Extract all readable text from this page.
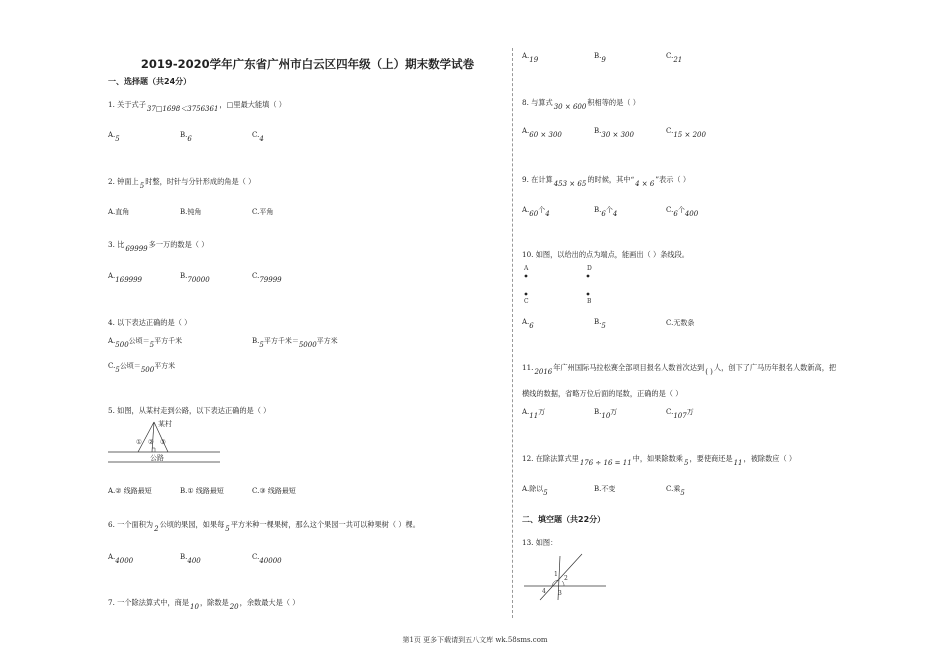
2019-2020学年广东省广州市白云区四年级（上）期末数学试卷
一、选择题（共24分）
1. 关于式子37□1698＜3756361，□里最大能填（ ）
A.5	B.6	C.4
2. 钟面上5时整，时针与分针形成的角是（ ）
A.直角	B.钝角	C.平角
3. 比69999多一万的数是（ ）
A.169999	B.70000	C.79999
4. 以下表达正确的是（ ）
A.500公顷＝5平方千米	B.5平方千米＝5000平方米
C.5公顷＝500平方米
5. 如图，从某村走到公路，以下表达正确的是（ ）
某村
① ② ③
公路
A.② 线路最短	B.① 线路最短	C.③ 线路最短
6. 一个面积为2公顷的果园，如果每5平方米种一棵果树，那么这个果园一共可以种果树（ ）棵。
A.4000	B.400	C.40000
7. 一个除法算式中，商是10，除数是20，余数最大是（ ）
A.19	B.9	C.21
8. 与算式30 × 600积相等的是（ ）
A.60 × 300	B.30 × 300	C.15 × 200
9. 在计算453 × 65的时候，其中“4 × 6”表示（ ）
A.60个4	B.6个4	C.6个400
10. 如图，以给出的点为端点，能画出（ ）条线段。
A	D
C	B
A.6	B.5	C.无数条
11.2016年广州国际马拉松赛全部项目报名人数首次达到( )人，创下了广马历年报名人数新高，把
横线的数据，省略万位后面的尾数，正确的是（ ）
A.11万	B.10万	C.107万
12. 在除法算式里176 ÷ 16 = 11中，如果除数乘5，要使商还是11，被除数应（ ）
A.除以5	B.不变	C.乘5
二、填空题（共22分）
13. 如图：
1
2
3
4
第1页 更多下载请到五八文库 wk.58sms.com
